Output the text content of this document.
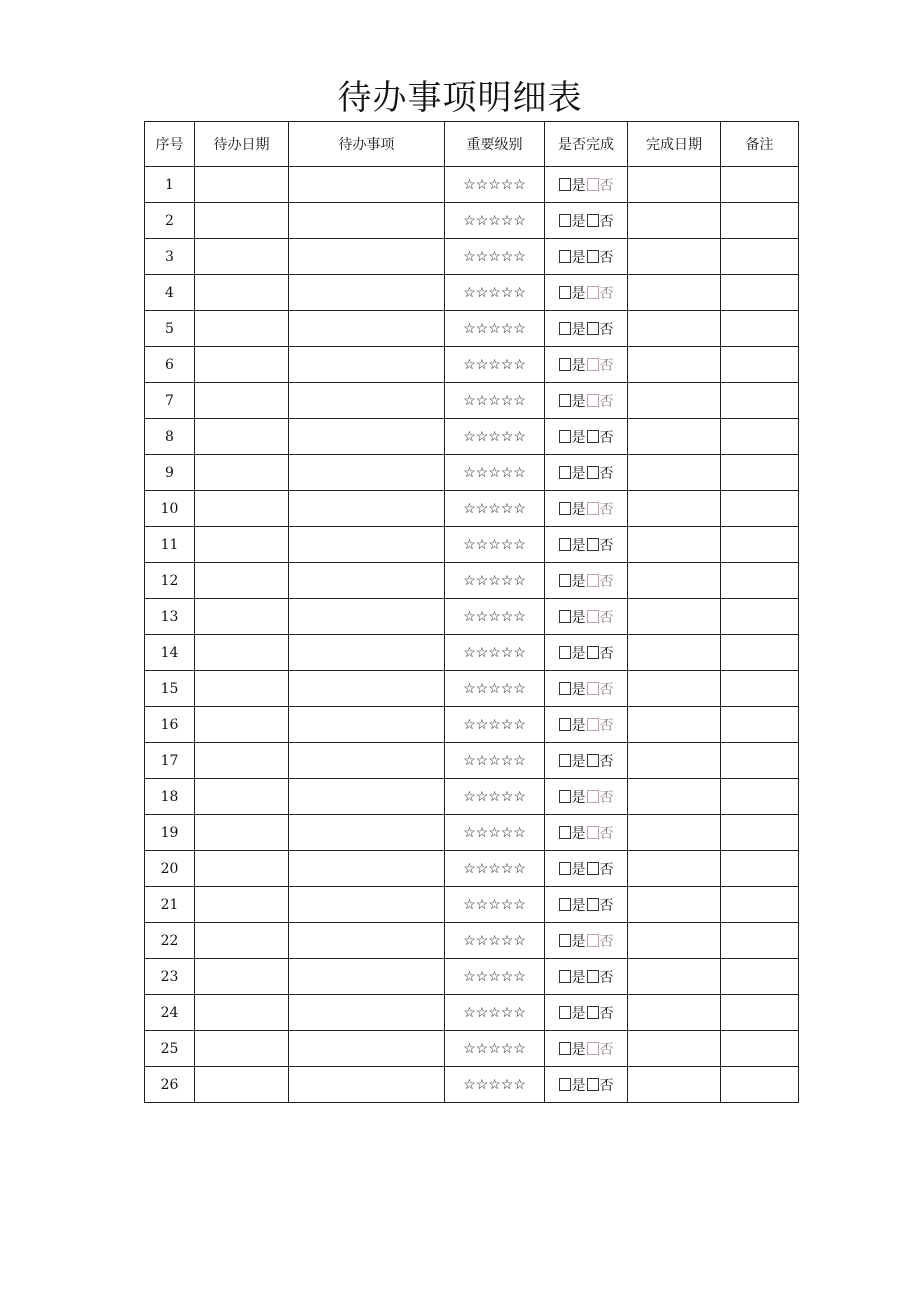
待办事项明细表
序号	待办日期	待办事项	重要级别	是否完成	完成日期	备注
1			☆☆☆☆☆	是 否		
2			☆☆☆☆☆	是 否		
3			☆☆☆☆☆	是 否		
4			☆☆☆☆☆	是 否		
5			☆☆☆☆☆	是 否		
6			☆☆☆☆☆	是 否		
7			☆☆☆☆☆	是 否		
8			☆☆☆☆☆	是 否		
9			☆☆☆☆☆	是 否		
10			☆☆☆☆☆	是 否		
11			☆☆☆☆☆	是 否		
12			☆☆☆☆☆	是 否		
13			☆☆☆☆☆	是 否		
14			☆☆☆☆☆	是 否		
15			☆☆☆☆☆	是 否		
16			☆☆☆☆☆	是 否		
17			☆☆☆☆☆	是 否		
18			☆☆☆☆☆	是 否		
19			☆☆☆☆☆	是 否		
20			☆☆☆☆☆	是 否		
21			☆☆☆☆☆	是 否		
22			☆☆☆☆☆	是 否		
23			☆☆☆☆☆	是 否		
24			☆☆☆☆☆	是 否		
25			☆☆☆☆☆	是 否		
26			☆☆☆☆☆	是 否		
